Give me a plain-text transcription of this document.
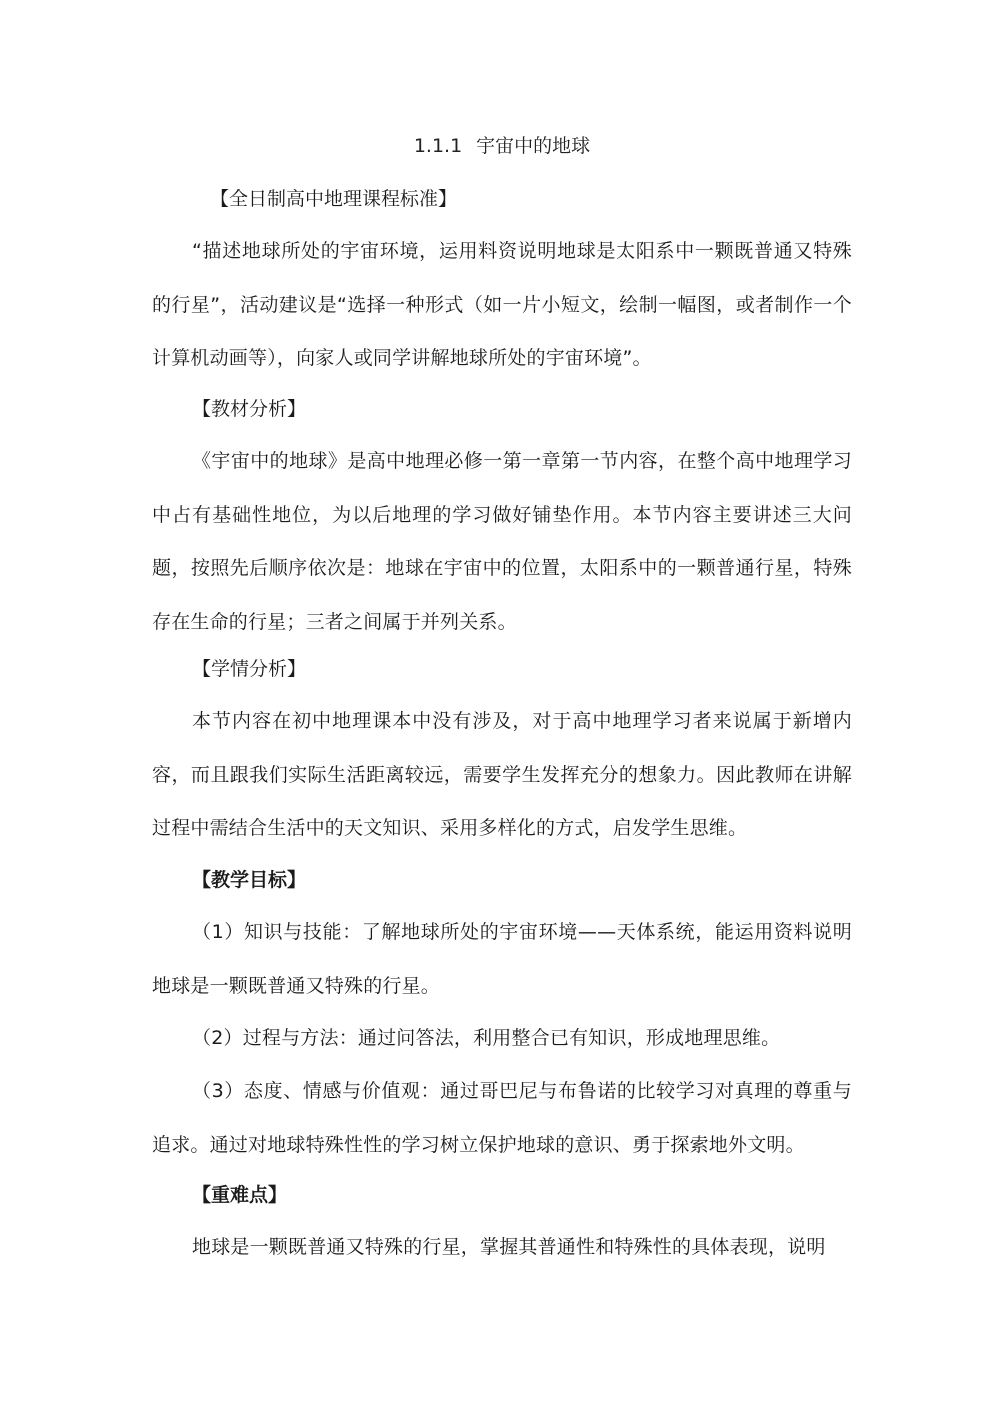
1.1.1 宇宙中的地球
【全日制高中地理课程标准】
“描述地球所处的宇宙环境，运用料资说明地球是太阳系中一颗既普通又特殊的行星”，活动建议是“选择一种形式（如一片小短文，绘制一幅图，或者制作一个计算机动画等），向家人或同学讲解地球所处的宇宙环境”。
【教材分析】
《宇宙中的地球》是高中地理必修一第一章第一节内容，在整个高中地理学习中占有基础性地位，为以后地理的学习做好铺垫作用。本节内容主要讲述三大问题，按照先后顺序依次是：地球在宇宙中的位置，太阳系中的一颗普通行星，特殊存在生命的行星；三者之间属于并列关系。
【学情分析】
本节内容在初中地理课本中没有涉及，对于高中地理学习者来说属于新增内容，而且跟我们实际生活距离较远，需要学生发挥充分的想象力。因此教师在讲解过程中需结合生活中的天文知识、采用多样化的方式，启发学生思维。
【教学目标】
（1）知识与技能：了解地球所处的宇宙环境——天体系统，能运用资料说明地球是一颗既普通又特殊的行星。
（2）过程与方法：通过问答法，利用整合已有知识，形成地理思维。
（3）态度、情感与价值观：通过哥巴尼与布鲁诺的比较学习对真理的尊重与追求。通过对地球特殊性性的学习树立保护地球的意识、勇于探索地外文明。
【重难点】
地球是一颗既普通又特殊的行星，掌握其普通性和特殊性的具体表现，说明
